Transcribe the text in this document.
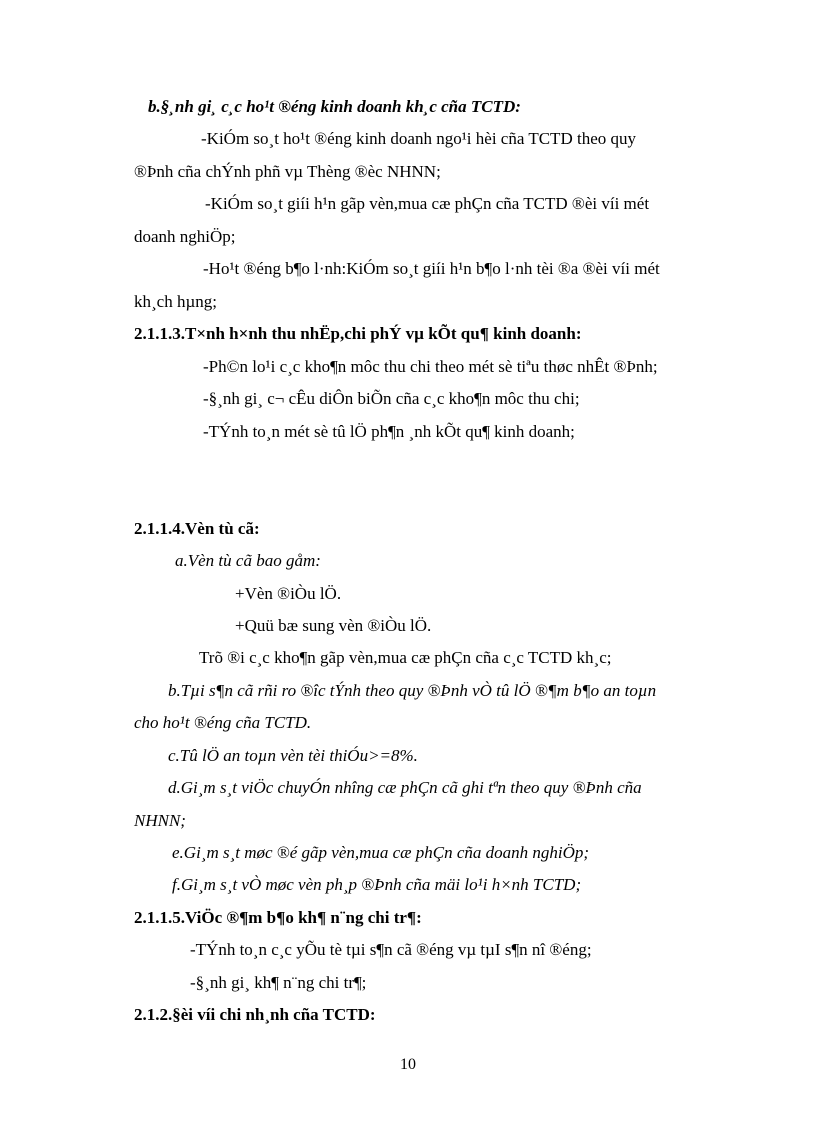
b.§¸nh gi¸ c¸c ho¹t ®éng kinh doanh kh¸c cña TCTD:
-KiÓm so¸t ho¹t ®éng kinh doanh ngo¹i hèi cña TCTD theo quy
®Þnh cña chÝnh phñ vµ Thèng ®èc NHNN;
-KiÓm so¸t giíi h¹n gãp vèn,mua cæ phÇn cña TCTD ®èi víi mét
doanh nghiÖp;
-Ho¹t ®éng b¶o l·nh:KiÓm so¸t giíi h¹n b¶o l·nh tèi ®a ®èi víi mét
kh¸ch hµng;
2.1.1.3.T×nh h×nh thu nhËp,chi phÝ vµ kÕt qu¶ kinh doanh:
-Ph©n lo¹i c¸c kho¶n môc thu chi theo mét sè tiªu thøc nhÊt ®Þnh;
-§¸nh gi¸ c¬ cÊu diÔn biÕn cña c¸c kho¶n môc thu chi;
-TÝnh to¸n mét sè tû lÖ ph¶n ¸nh kÕt qu¶ kinh doanh;
2.1.1.4.Vèn tù cã:
a.Vèn tù cã bao gåm:
+Vèn ®iÒu lÖ.
+Quü bæ sung vèn ®iÒu lÖ.
Trõ ®i c¸c kho¶n gãp vèn,mua cæ phÇn cña c¸c TCTD kh¸c;
b.Tµi s¶n cã rñi ro ®îc tÝnh theo quy ®Þnh vÒ tû lÖ ®¶m b¶o an toµn
cho ho¹t ®éng cña TCTD.
c.Tû lÖ an toµn vèn tèi thiÓu>=8%.
d.Gi¸m s¸t viÖc chuyÓn nhîng cæ phÇn cã ghi tªn theo quy ®Þnh cña
NHNN;
e.Gi¸m s¸t møc ®é gãp vèn,mua cæ phÇn cña doanh nghiÖp;
f.Gi¸m s¸t vÒ møc vèn ph¸p ®Þnh cña mäi lo¹i h×nh TCTD;
2.1.1.5.ViÖc ®¶m b¶o kh¶ n¨ng chi tr¶:
-TÝnh to¸n c¸c yÕu tè tµi s¶n cã ®éng vµ tµI s¶n nî ®éng;
-§¸nh gi¸ kh¶ n¨ng chi tr¶;
2.1.2.§èi víi chi nh¸nh cña TCTD:
10
